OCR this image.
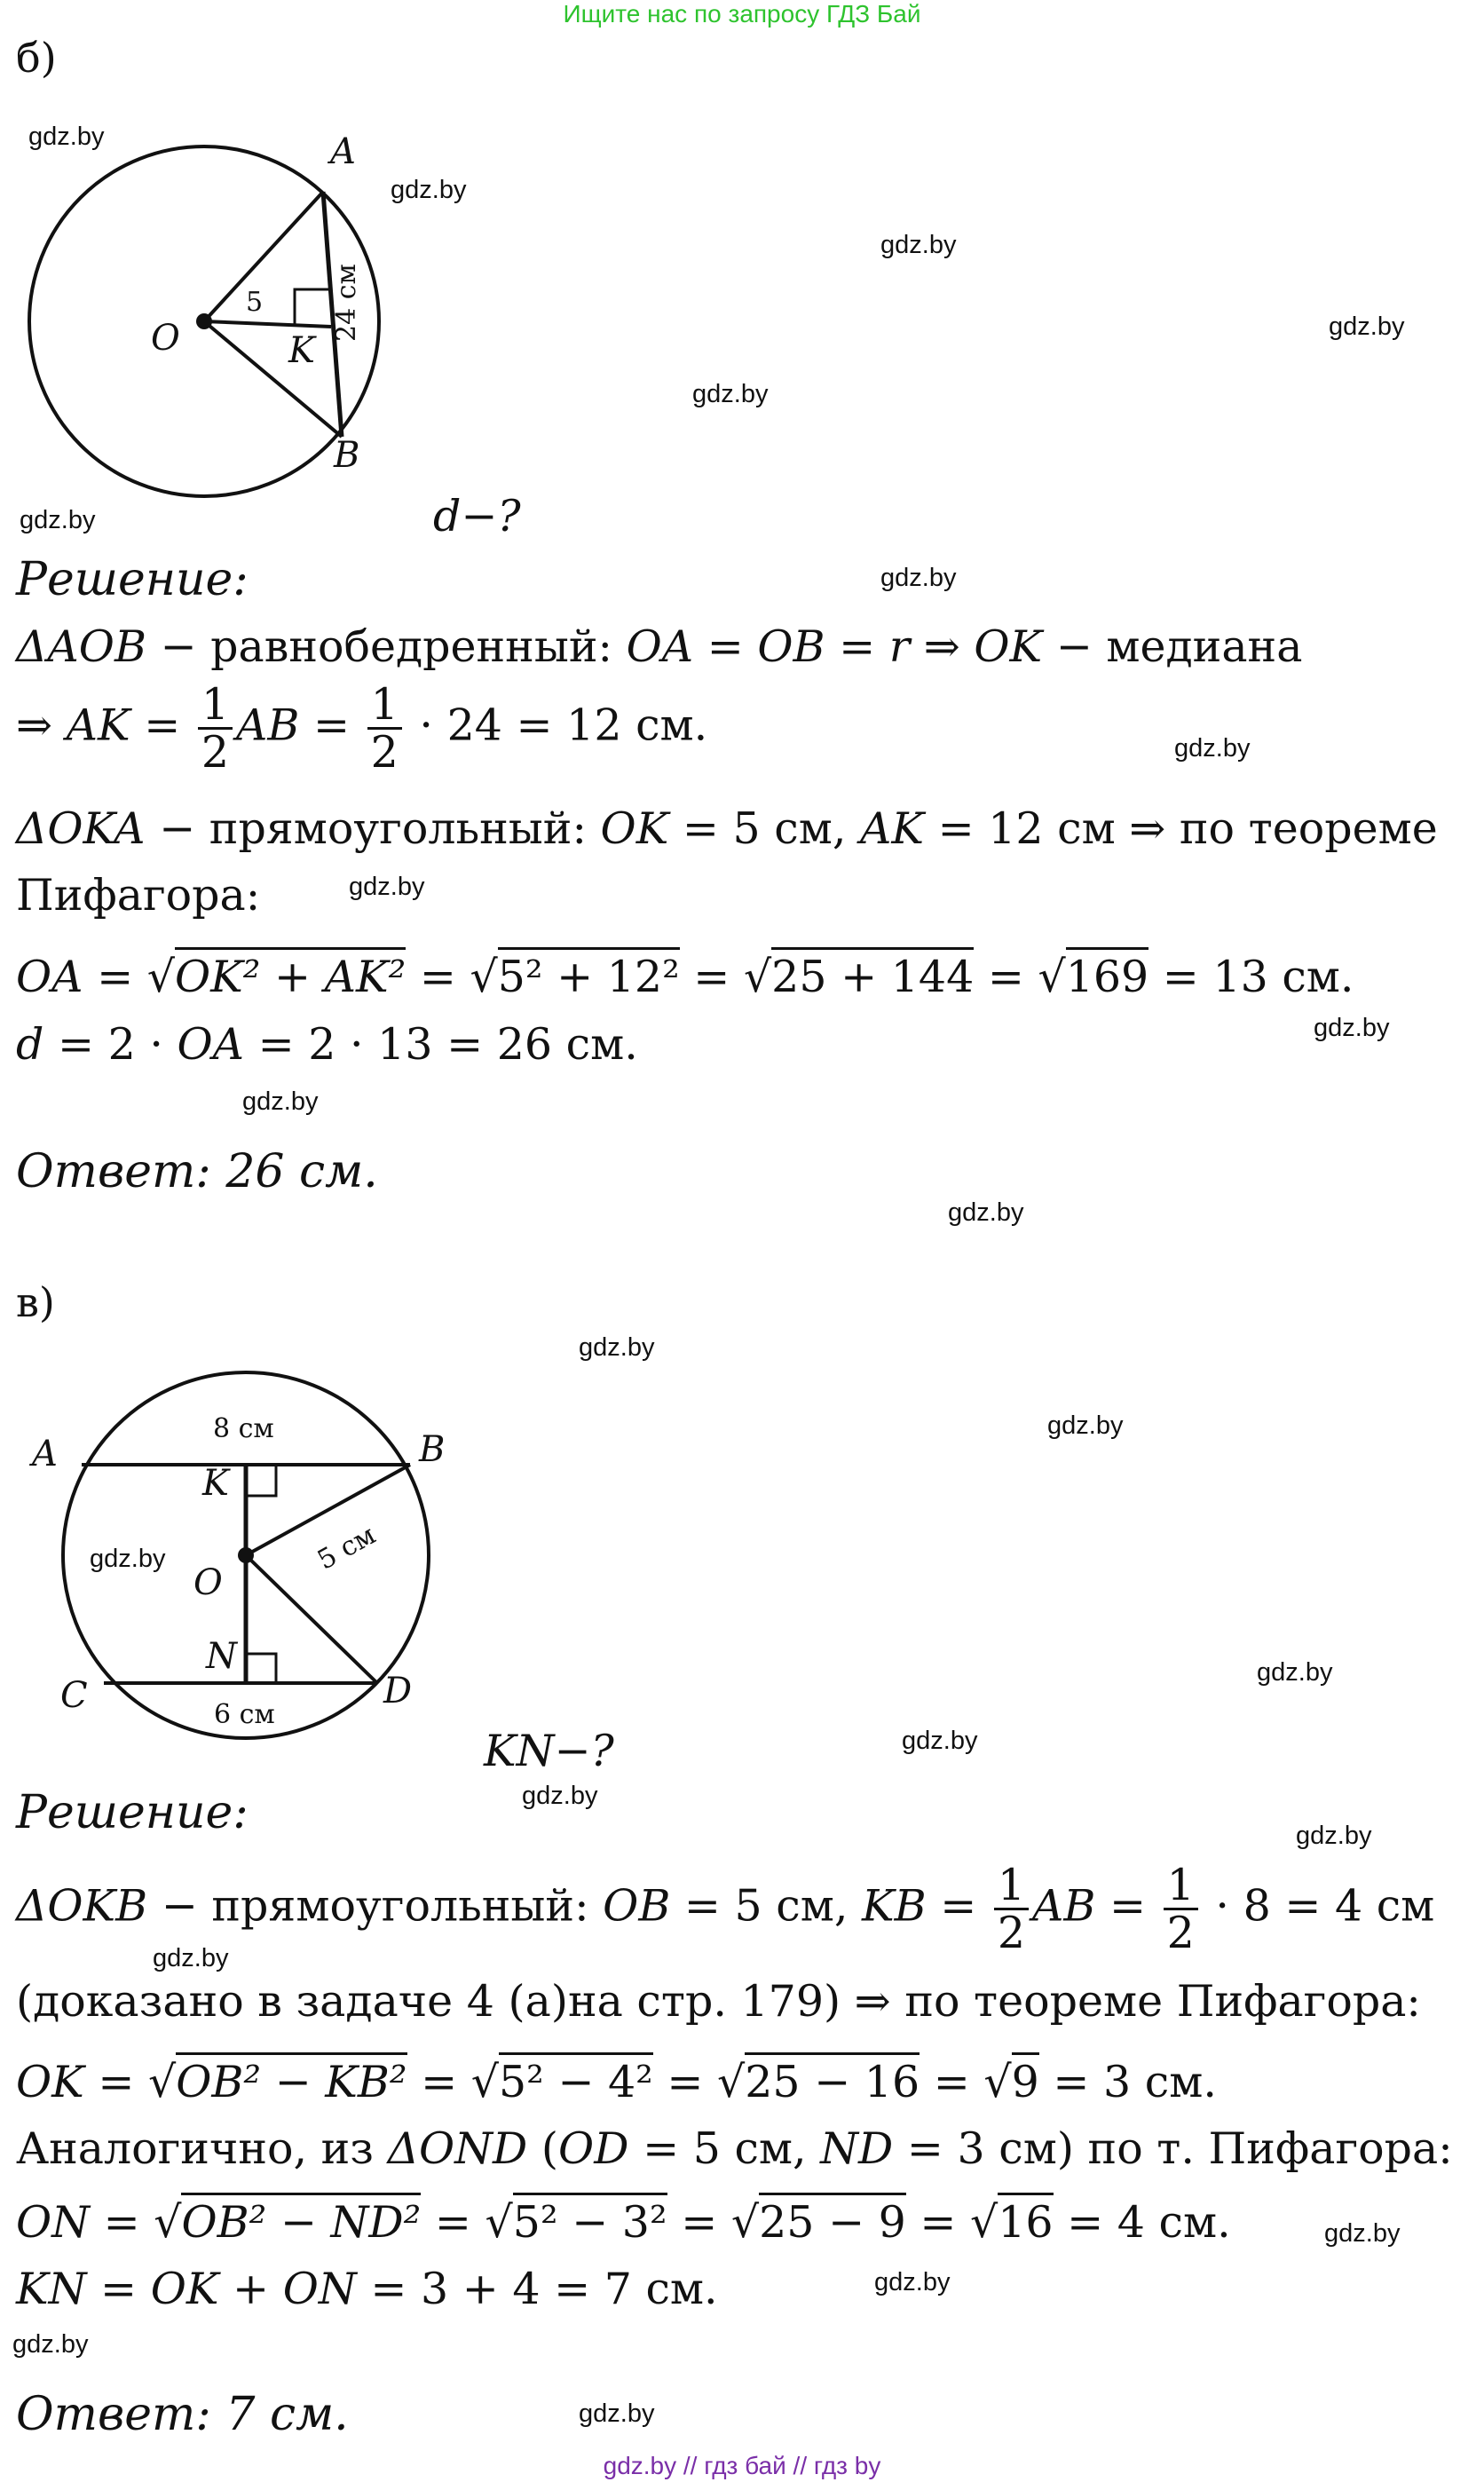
Ищите нас по запросу ГДЗ Бай
б)
A
B
O	K
5	24 см
d−?
Решение:
ΔAOB − равнобедренный: OA = OB = r ⇒ OK − медиана
⇒ AK = $\frac{1}{2}$ AB = $\frac{1}{2} \cdot 24 = 12$ см.
ΔOKA − прямоугольный: OK = 5 см, AK = 12 см ⇒ по теореме
Пифагора:
OA = √OK² + AK² = √5² + 12² = √25 + 144 = √169 = 13 см.
d = 2 · OA = 2 · 13 = 26 см.
Ответ: 26 см.
в)
A	B
C	D
K
O
N
8 см
5 см
6 см
KN−?
Решение:
ΔOKB − прямоугольный: OB = 5 см, KB = $\frac{1}{2}$ AB = $\frac{1}{2} \cdot 8 = 4$ см
(доказано в задаче 4 (а)на стр. 179) ⇒ по теореме Пифагора:
OK = √OB² − KB² = √5² − 4² = √25 − 16 = √9 = 3 см.
Аналогично, из ΔOND (OD = 5 см, ND = 3 см) по т. Пифагора:
ON = √OB² − ND² = √5² − 3² = √25 − 9 = √16 = 4 см.
KN = OK + ON = 3 + 4 = 7 см.
Ответ: 7 см.
gdz.by
gdz.by
gdz.by
gdz.by
gdz.by
gdz.by
gdz.by
gdz.by
gdz.by
gdz.by
gdz.by
gdz.by
gdz.by
gdz.by
gdz.by
gdz.by
gdz.by
gdz.by
gdz.by
gdz.by
gdz.by
gdz.by
gdz.by
gdz.by
gdz.by // гдз бай // гдз by
